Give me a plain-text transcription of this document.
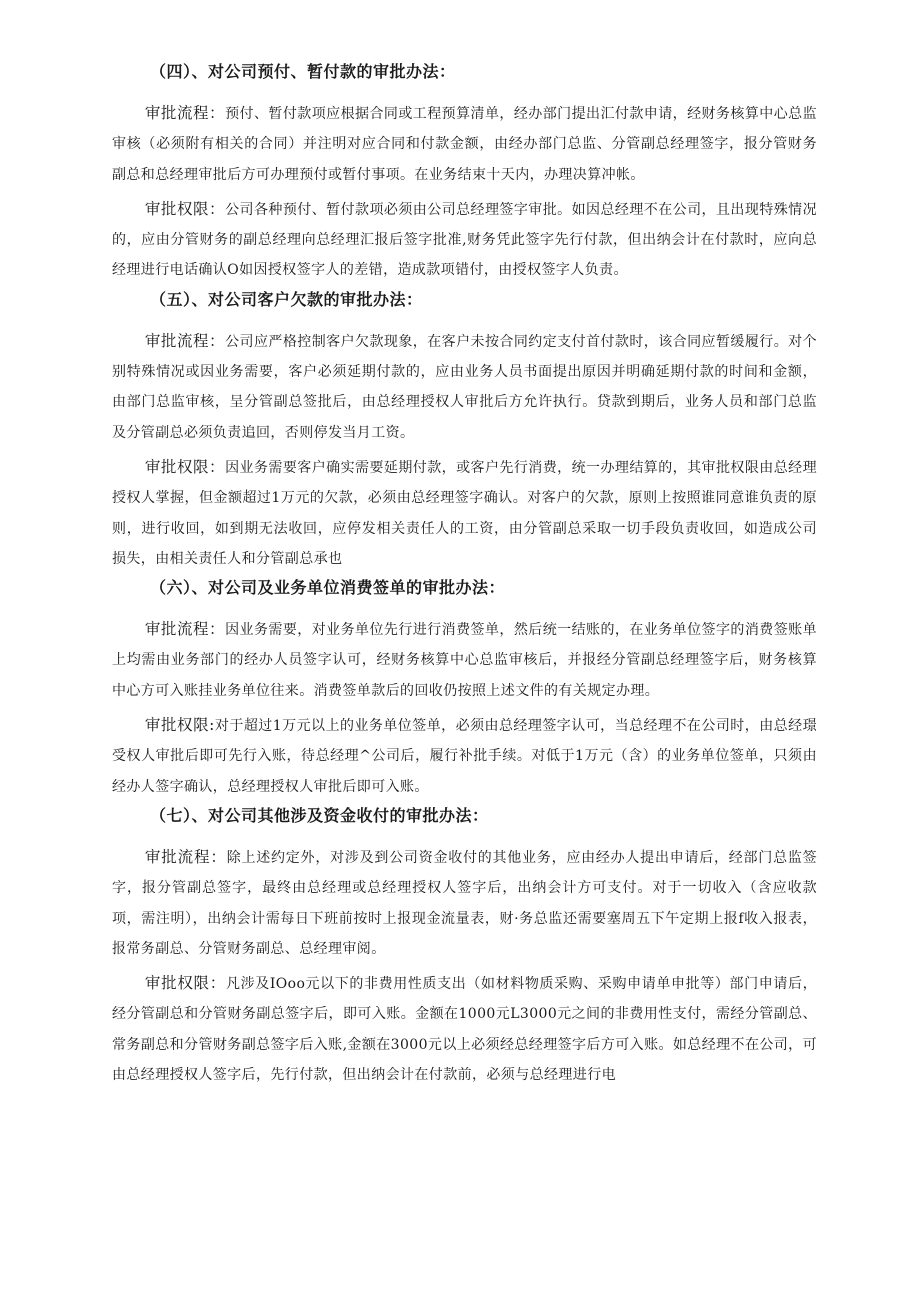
（四）、对公司预付、暂付款的审批办法：

审批流程：预付、暂付款项应根据合同或工程预算清单，经办部门提出汇付款申请，经财务核算中心总监审核（必须附有相关的合同）并注明对应合同和付款金额，由经办部门总监、分管副总经理签字，报分管财务副总和总经理审批后方可办理预付或暂付事项。在业务结束十天内，办理决算冲帐。

审批权限：公司各种预付、暂付款项必须由公司总经理签字审批。如因总经理不在公司，且出现特殊情况的，应由分管财务的副总经理向总经理汇报后签字批准,财务凭此签字先行付款，但出纳会计在付款时，应向总经理进行电话确认O如因授权签字人的差错，造成款项错付，由授权签字人负责。

（五）、对公司客户欠款的审批办法：

审批流程：公司应严格控制客户欠款现象，在客户未按合同约定支付首付款时，该合同应暂缓履行。对个别特殊情况或因业务需要，客户必须延期付款的，应由业务人员书面提出原因并明确延期付款的时间和金额，由部门总监审核，呈分管副总签批后，由总经理授权人审批后方允许执行。贷款到期后，业务人员和部门总监及分管副总必须负责追回，否则停发当月工资。

审批权限：因业务需要客户确实需要延期付款，或客户先行消费，统一办理结算的，其审批权限由总经理授权人掌握，但金额超过1万元的欠款，必须由总经理签字确认。对客户的欠款，原则上按照谁同意谁负责的原则，进行收回，如到期无法收回，应停发相关责任人的工资，由分管副总采取一切手段负责收回，如造成公司损失，由相关责任人和分管副总承也

（六）、对公司及业务单位消费签单的审批办法：

审批流程：因业务需要，对业务单位先行进行消费签单，然后统一结账的，在业务单位签字的消费签账单上均需由业务部门的经办人员签字认可，经财务核算中心总监审核后，并报经分管副总经理签字后，财务核算中心方可入账挂业务单位往来。消费签单款后的回收仍按照上述文件的有关规定办理。

审批权限:对于超过1万元以上的业务单位签单，必须由总经理签字认可，当总经理不在公司时，由总经璟受权人审批后即可先行入账，待总经理^公司后，履行补批手续。对低于1万元（含）的业务单位签单，只须由经办人签字确认，总经理授权人审批后即可入账。

（七）、对公司其他涉及资金收付的审批办法：

审批流程：除上述约定外，对涉及到公司资金收付的其他业务，应由经办人提出申请后，经部门总监签字，报分管副总签字，最终由总经理或总经理授权人签字后，出纳会计方可支付。对于一切收入（含应收款项，需注明），出纳会计需每日下班前按时上报现金流量表，财·务总监还需要塞周五下午定期上报f收入报表，报常务副总、分管财务副总、总经理审阅。

审批权限：凡涉及IOoo元以下的非费用性质支出（如材料物质采购、采购申请单申批等）部门申请后，经分管副总和分管财务副总签字后，即可入账。金额在1000元L3000元之间的非费用性支付，需经分管副总、常务副总和分管财务副总签字后入账,金额在3000元以上必须经总经理签字后方可入账。如总经理不在公司，可由总经理授权人签字后，先行付款，但出纳会计在付款前，必须与总经理进行电
